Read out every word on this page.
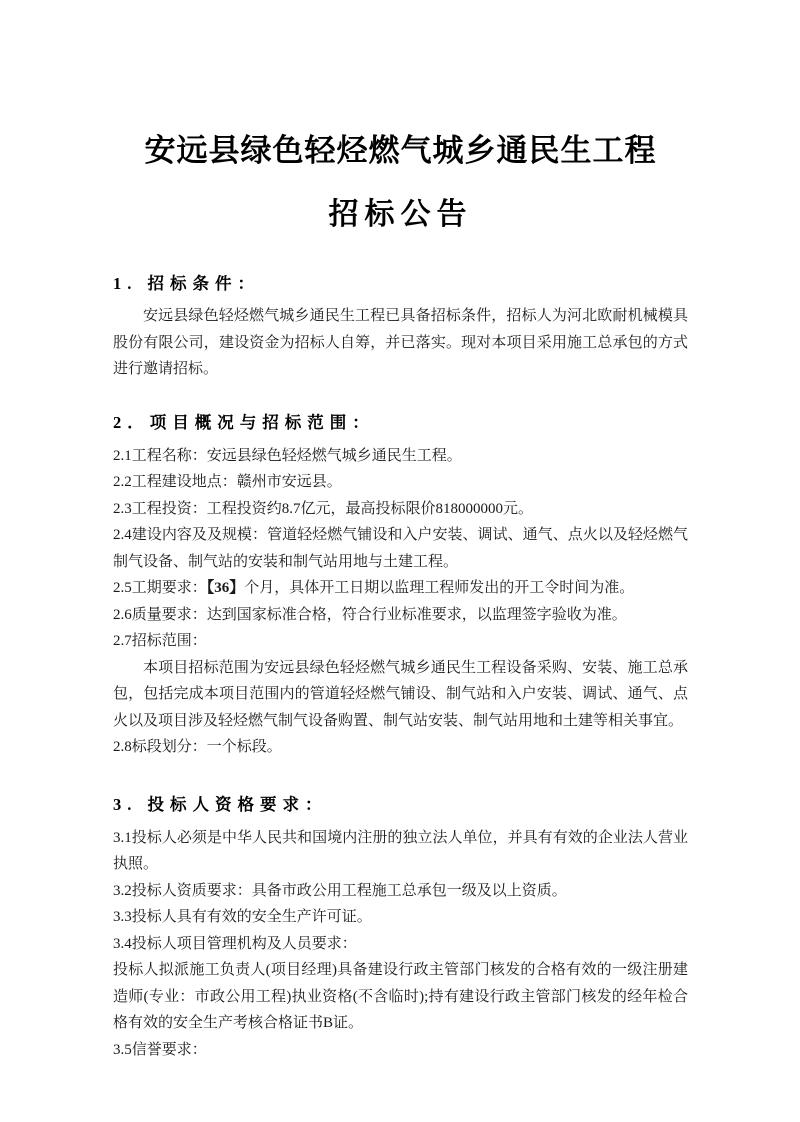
安远县绿色轻烃燃气城乡通民生工程
招标公告

1. 招标条件：

安远县绿色轻烃燃气城乡通民生工程已具备招标条件，招标人为河北欧耐机械模具股份有限公司，建设资金为招标人自筹，并已落实。现对本项目采用施工总承包的方式进行邀请招标。

2．项目概况与招标范围：

2.1工程名称：安远县绿色轻烃燃气城乡通民生工程。

2.2工程建设地点：赣州市安远县。

2.3工程投资：工程投资约8.7亿元，最高投标限价818000000元。

2.4建设内容及及规模：管道轻烃燃气铺设和入户安装、调试、通气、点火以及轻烃燃气制气设备、制气站的安装和制气站用地与土建工程。

2.5工期要求：【36】个月，具体开工日期以监理工程师发出的开工令时间为准。

2.6质量要求：达到国家标准合格，符合行业标准要求，以监理签字验收为准。

2.7招标范围：

本项目招标范围为安远县绿色轻烃燃气城乡通民生工程设备采购、安装、施工总承包，包括完成本项目范围内的管道轻烃燃气铺设、制气站和入户安装、调试、通气、点火以及项目涉及轻烃燃气制气设备购置、制气站安装、制气站用地和土建等相关事宜。

2.8标段划分：一个标段。

3. 投标人资格要求：

3.1投标人必须是中华人民共和国境内注册的独立法人单位，并具有有效的企业法人营业执照。

3.2投标人资质要求：具备市政公用工程施工总承包一级及以上资质。

3.3投标人具有有效的安全生产许可证。

3.4投标人项目管理机构及人员要求：

投标人拟派施工负责人(项目经理)具备建设行政主管部门核发的合格有效的一级注册建造师(专业：市政公用工程)执业资格(不含临时);持有建设行政主管部门核发的经年检合格有效的安全生产考核合格证书B证。

3.5信誉要求：
